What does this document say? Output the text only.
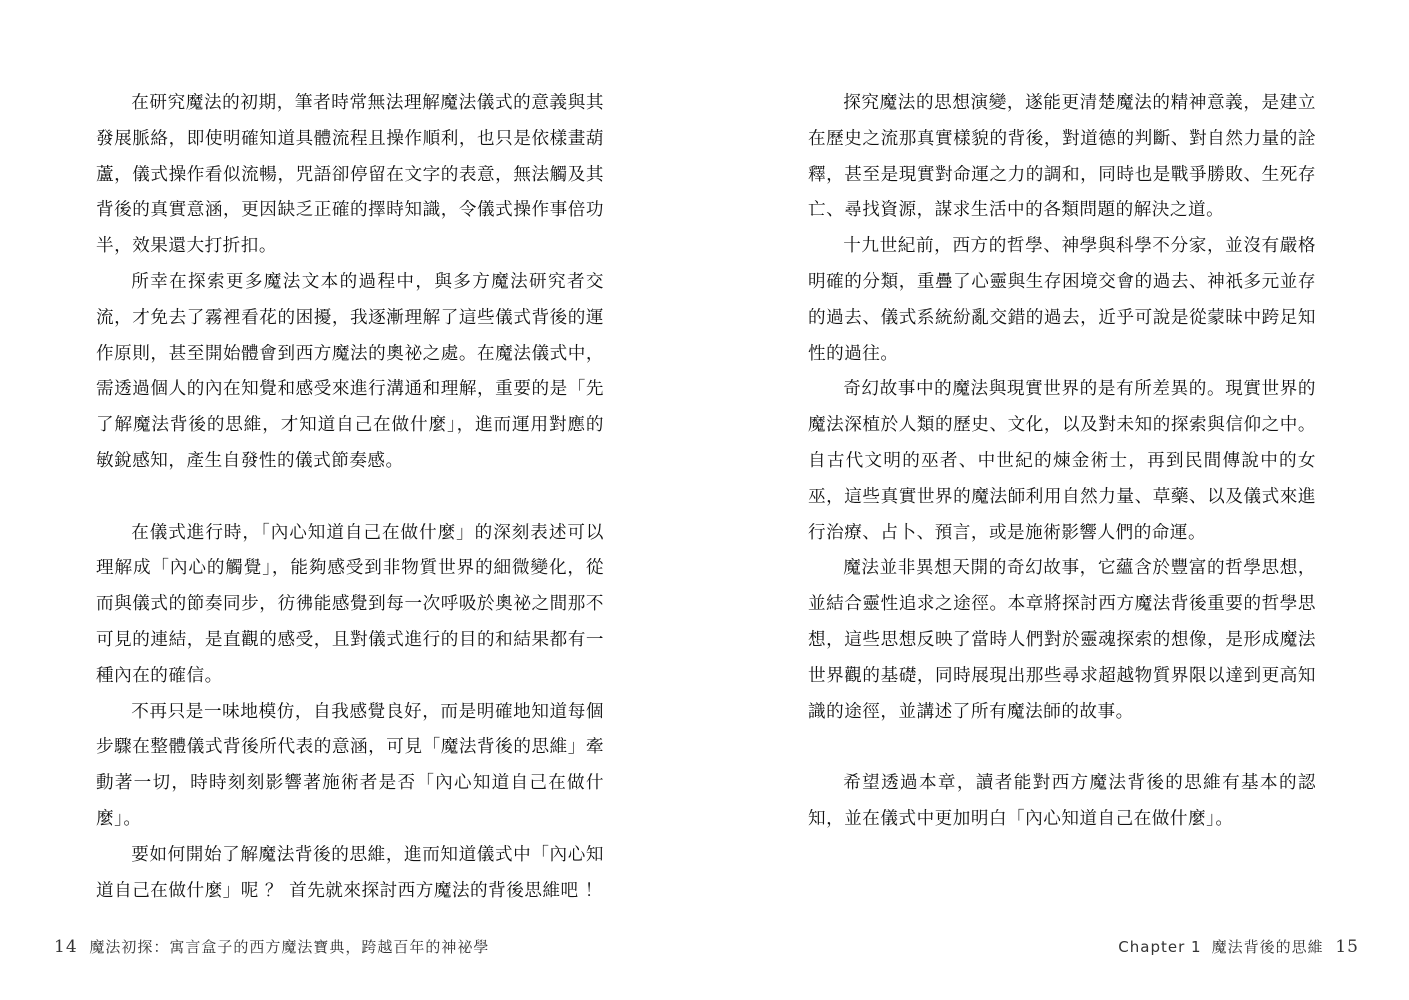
在研究魔法的初期，筆者時常無法理解魔法儀式的意義與其發展脈絡，即使明確知道具體流程且操作順利，也只是依樣畫葫蘆，儀式操作看似流暢，咒語卻停留在文字的表意，無法觸及其背後的真實意涵，更因缺乏正確的擇時知識，令儀式操作事倍功半，效果還大打折扣。

所幸在探索更多魔法文本的過程中，與多方魔法研究者交流，才免去了霧裡看花的困擾，我逐漸理解了這些儀式背後的運作原則，甚至開始體會到西方魔法的奧祕之處。在魔法儀式中，需透過個人的內在知覺和感受來進行溝通和理解，重要的是「先了解魔法背後的思維，才知道自己在做什麼」，進而運用對應的敏銳感知，產生自發性的儀式節奏感。

在儀式進行時，「內心知道自己在做什麼」的深刻表述可以理解成「內心的觸覺」，能夠感受到非物質世界的細微變化，從而與儀式的節奏同步，彷彿能感覺到每一次呼吸於奧祕之間那不可見的連結，是直觀的感受，且對儀式進行的目的和結果都有一種內在的確信。

不再只是一味地模仿，自我感覺良好，而是明確地知道每個步驟在整體儀式背後所代表的意涵，可見「魔法背後的思維」牽動著一切，時時刻刻影響著施術者是否「內心知道自己在做什麼」。

要如何開始了解魔法背後的思維，進而知道儀式中「內心知道自己在做什麼」呢 ？ 首先就來探討西方魔法的背後思維吧 ！

14 魔法初探：寓言盒子的西方魔法寶典，跨越百年的神祕學

探究魔法的思想演變，遂能更清楚魔法的精神意義，是建立在歷史之流那真實樣貌的背後，對道德的判斷、對自然力量的詮釋，甚至是現實對命運之力的調和，同時也是戰爭勝敗、生死存亡、尋找資源，謀求生活中的各類問題的解決之道。

十九世紀前，西方的哲學、神學與科學不分家，並沒有嚴格明確的分類，重疊了心靈與生存困境交會的過去、神祇多元並存的過去、儀式系統紛亂交錯的過去，近乎可說是從蒙昧中跨足知性的過往。

奇幻故事中的魔法與現實世界的是有所差異的。現實世界的魔法深植於人類的歷史、文化，以及對未知的探索與信仰之中。自古代文明的巫者、中世紀的煉金術士，再到民間傳說中的女巫，這些真實世界的魔法師利用自然力量、草藥、以及儀式來進行治療、占卜、預言，或是施術影響人們的命運。

魔法並非異想天開的奇幻故事，它蘊含於豐富的哲學思想，並結合靈性追求之途徑。本章將探討西方魔法背後重要的哲學思想，這些思想反映了當時人們對於靈魂探索的想像，是形成魔法世界觀的基礎，同時展現出那些尋求超越物質界限以達到更高知識的途徑，並講述了所有魔法師的故事。

希望透過本章，讀者能對西方魔法背後的思維有基本的認知，並在儀式中更加明白「內心知道自己在做什麼」。

Chapter 1 魔法背後的思維 15
